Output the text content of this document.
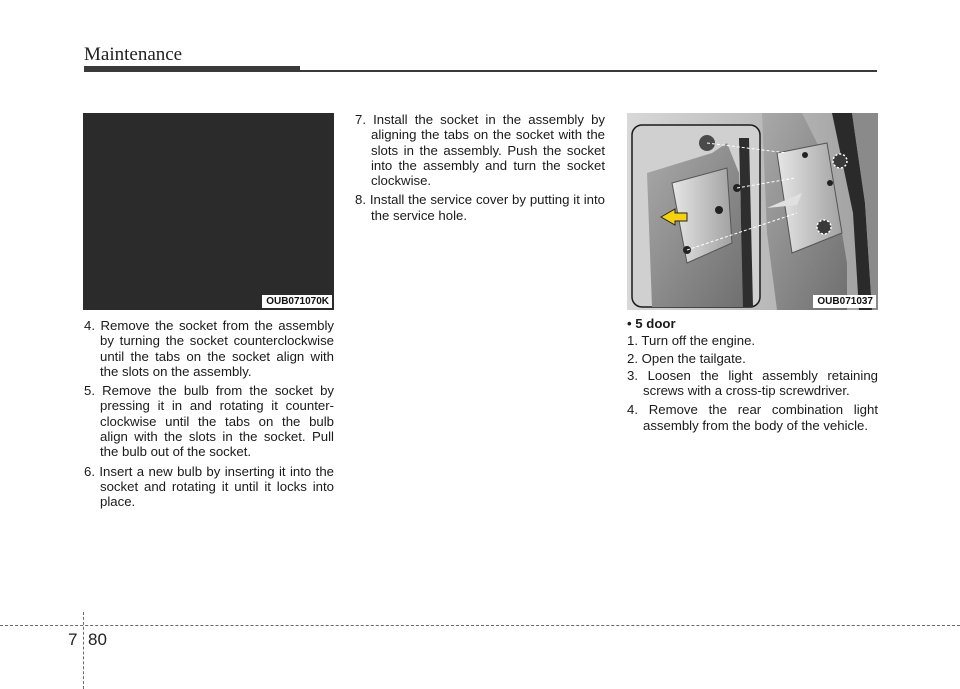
Maintenance
OUB071070K	OUB071037

4. Remove the socket from the assembly by turning the socket counterclockwise until the tabs on the socket align with the slots on the assembly.

5. Remove the bulb from the socket by pressing it in and rotating it counter-clockwise until the tabs on the bulb align with the slots in the socket. Pull the bulb out of the socket.

6. Insert a new bulb by inserting it into the socket and rotating it until it locks into place.

7. Install the socket in the assembly by aligning the tabs on the socket with the slots in the assembly. Push the socket into the assembly and turn the socket clockwise.

8. Install the service cover by putting it into the service hole.

• 5 door

1. Turn off the engine.

2. Open the tailgate.

3. Loosen the light assembly retaining screws with a cross-tip screwdriver.

4. Remove the rear combination light assembly from the body of the vehicle.

7 80
